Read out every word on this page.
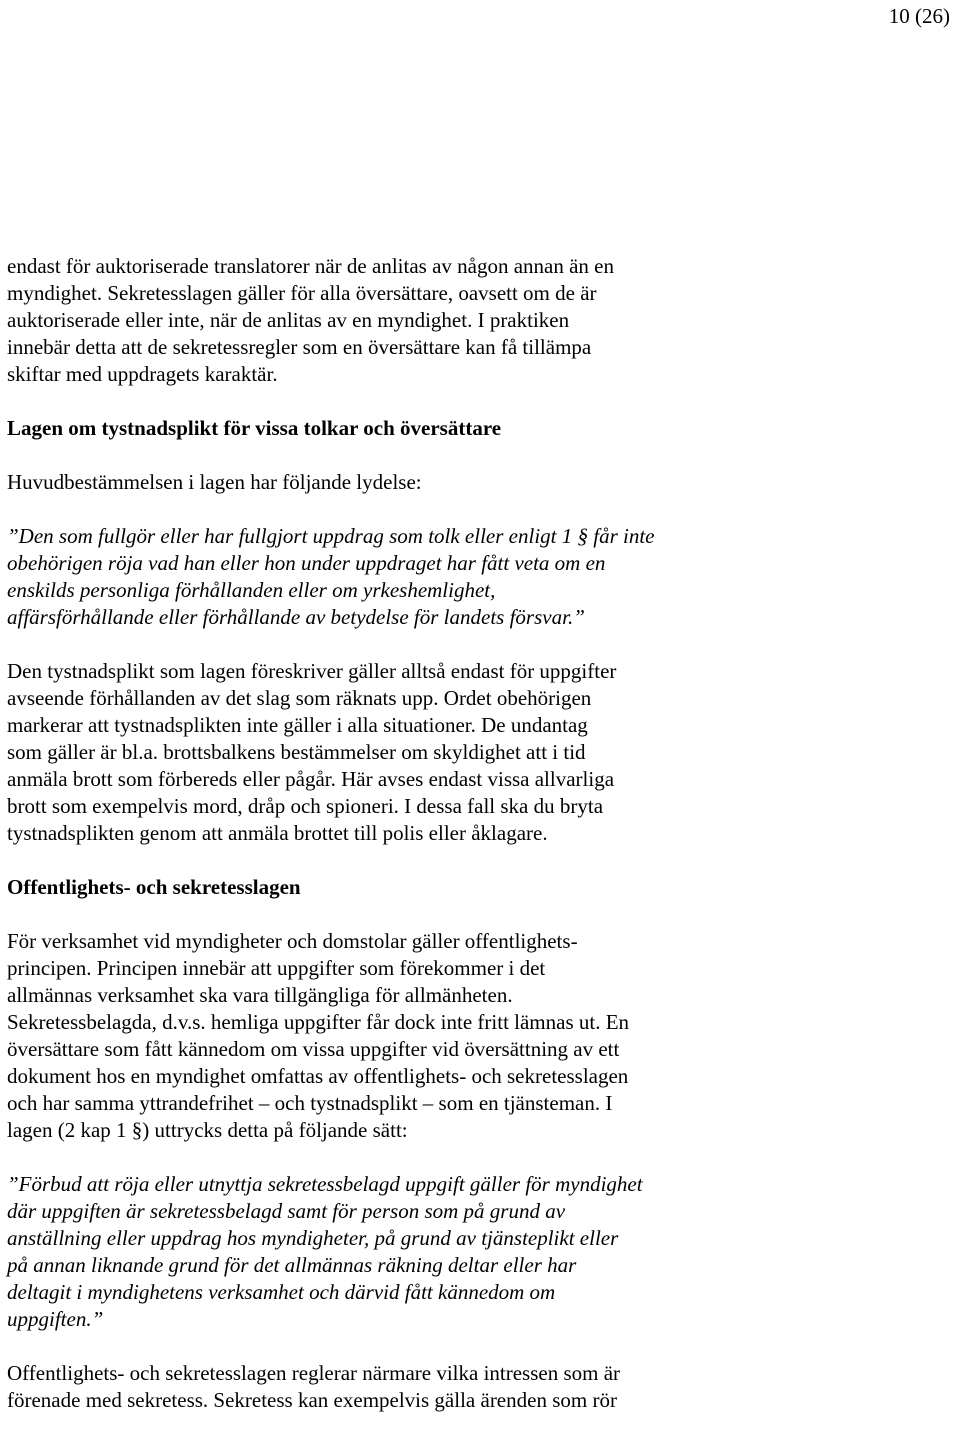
10 (26)
endast för auktoriserade translatorer när de anlitas av någon annan än en
myndighet. Sekretesslagen gäller för alla översättare, oavsett om de är
auktoriserade eller inte, när de anlitas av en myndighet. I praktiken
innebär detta att de sekretessregler som en översättare kan få tillämpa
skiftar med uppdragets karaktär.
Lagen om tystnadsplikt för vissa tolkar och översättare
Huvudbestämmelsen i lagen har följande lydelse:
”Den som fullgör eller har fullgjort uppdrag som tolk eller enligt 1 § får inte
obehörigen röja vad han eller hon under uppdraget har fått veta om en
enskilds personliga förhållanden eller om yrkeshemlighet,
affärsförhållande eller förhållande av betydelse för landets försvar.”
Den tystnadsplikt som lagen föreskriver gäller alltså endast för uppgifter
avseende förhållanden av det slag som räknats upp. Ordet obehörigen
markerar att tystnadsplikten inte gäller i alla situationer. De undantag
som gäller är bl.a. brottsbalkens bestämmelser om skyldighet att i tid
anmäla brott som förbereds eller pågår. Här avses endast vissa allvarliga
brott som exempelvis mord, dråp och spioneri. I dessa fall ska du bryta
tystnadsplikten genom att anmäla brottet till polis eller åklagare.
Offentlighets- och sekretesslagen
För verksamhet vid myndigheter och domstolar gäller offentlighets-
principen. Principen innebär att uppgifter som förekommer i det
allmännas verksamhet ska vara tillgängliga för allmänheten.
Sekretessbelagda, d.v.s. hemliga uppgifter får dock inte fritt lämnas ut. En
översättare som fått kännedom om vissa uppgifter vid översättning av ett
dokument hos en myndighet omfattas av offentlighets- och sekretesslagen
och har samma yttrandefrihet – och tystnadsplikt – som en tjänsteman. I
lagen (2 kap 1 §) uttrycks detta på följande sätt:
”Förbud att röja eller utnyttja sekretessbelagd uppgift gäller för myndighet
där uppgiften är sekretessbelagd samt för person som på grund av
anställning eller uppdrag hos myndigheter, på grund av tjänsteplikt eller
på annan liknande grund för det allmännas räkning deltar eller har
deltagit i myndighetens verksamhet och därvid fått kännedom om
uppgiften.”
Offentlighets- och sekretesslagen reglerar närmare vilka intressen som är
förenade med sekretess. Sekretess kan exempelvis gälla ärenden som rör
